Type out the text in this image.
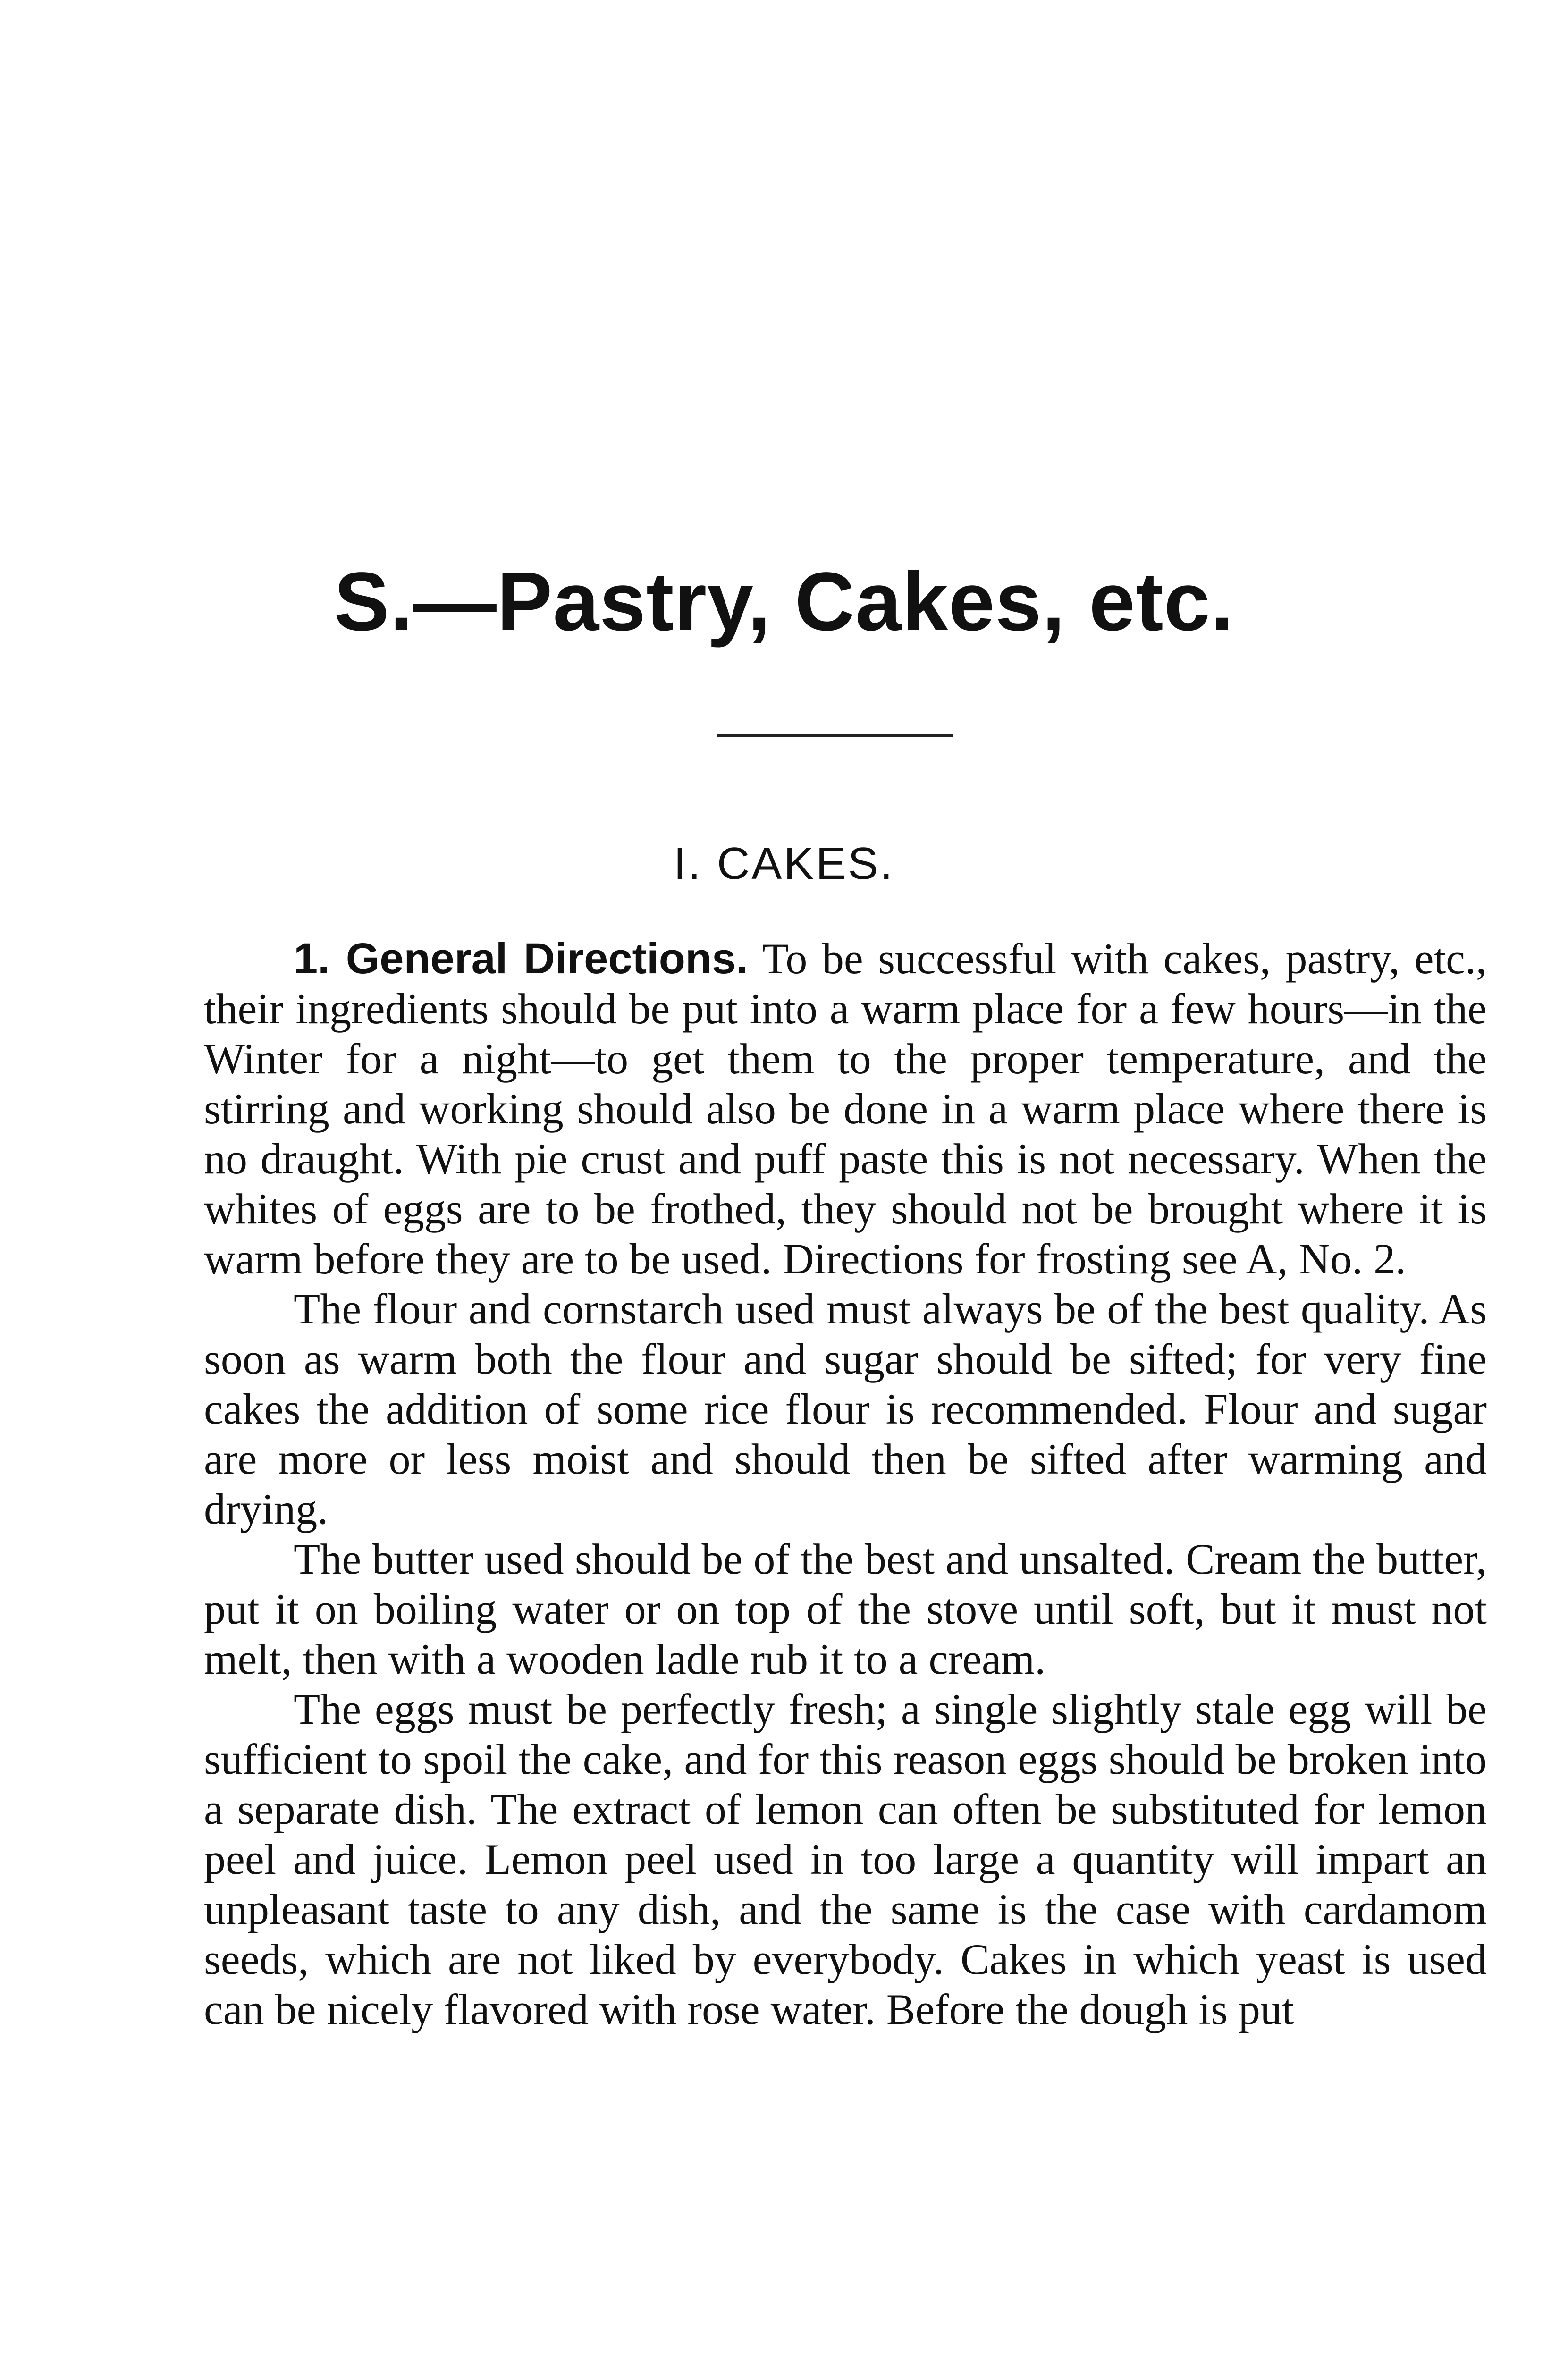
S.—Pastry, Cakes, etc.
I. CAKES.

1. General Directions. To be successful with cakes, pastry, etc., their ingredients should be put into a warm place for a few hours—in the Winter for a night—to get them to the proper temperature, and the stirring and working should also be done in a warm place where there is no draught. With pie crust and puff paste this is not necessary. When the whites of eggs are to be frothed, they should not be brought where it is warm before they are to be used. Directions for frosting see A, No. 2.

The flour and cornstarch used must always be of the best quality. As soon as warm both the flour and sugar should be sifted; for very fine cakes the addition of some rice flour is recommended. Flour and sugar are more or less moist and should then be sifted after warming and drying.

The butter used should be of the best and unsalted. Cream the butter, put it on boiling water or on top of the stove until soft, but it must not melt, then with a wooden ladle rub it to a cream.

The eggs must be perfectly fresh; a single slightly stale egg will be sufficient to spoil the cake, and for this reason eggs should be broken into a separate dish. The extract of lemon can often be substituted for lemon peel and juice. Lemon peel used in too large a quantity will impart an unpleasant taste to any dish, and the same is the case with cardamom seeds, which are not liked by everybody. Cakes in which yeast is used can be nicely flavored with rose water. Before the dough is put
